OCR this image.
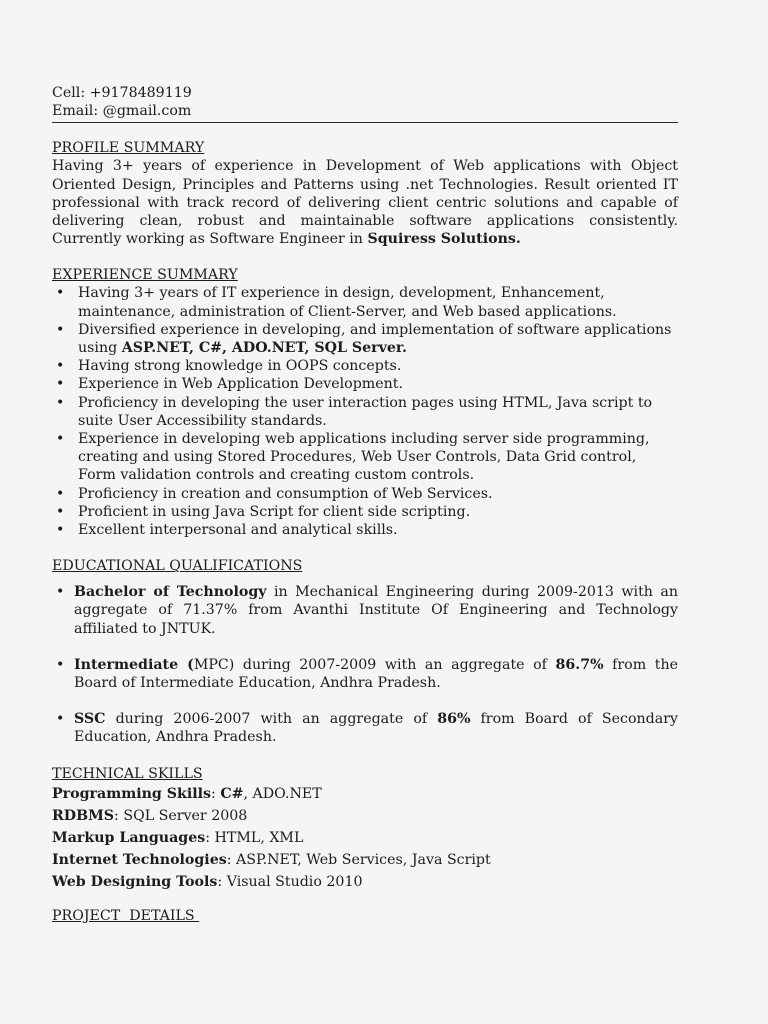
Cell: +9178489119

Email: @gmail.com

PROFILE SUMMARY

Having 3+ years of experience in Development of Web applications with Object Oriented Design, Principles and Patterns using .net Technologies. Result oriented IT professional with track record of delivering client centric solutions and capable of delivering clean, robust and maintainable software applications consistently. Currently working as Software Engineer in Squiress Solutions.

EXPERIENCE SUMMARY
• Having 3+ years of IT experience in design, development, Enhancement, maintenance, administration of Client-Server, and Web based applications.
• Diversified experience in developing, and implementation of software applications using ASP.NET, C#, ADO.NET, SQL Server.
• Having strong knowledge in OOPS concepts.
• Experience in Web Application Development.
• Proficiency in developing the user interaction pages using HTML, Java script to suite User Accessibility standards.
• Experience in developing web applications including server side programming, creating and using Stored Procedures, Web User Controls, Data Grid control, Form validation controls and creating custom controls.
• Proficiency in creation and consumption of Web Services.
• Proficient in using Java Script for client side scripting.
• Excellent interpersonal and analytical skills.
EDUCATIONAL QUALIFICATIONS
• Bachelor of Technology in Mechanical Engineering during 2009-2013 with an aggregate of 71.37% from Avanthi Institute Of Engineering and Technology affiliated to JNTUK.
• Intermediate (MPC) during 2007-2009 with an aggregate of 86.7% from the Board of Intermediate Education, Andhra Pradesh.
• SSC during 2006-2007 with an aggregate of 86% from Board of Secondary Education, Andhra Pradesh.
TECHNICAL SKILLS

Programming Skills: C#, ADO.NET

RDBMS: SQL Server 2008

Markup Languages: HTML, XML

Internet Technologies: ASP.NET, Web Services, Java Script

Web Designing Tools: Visual Studio 2010

PROJECT  DETAILS
